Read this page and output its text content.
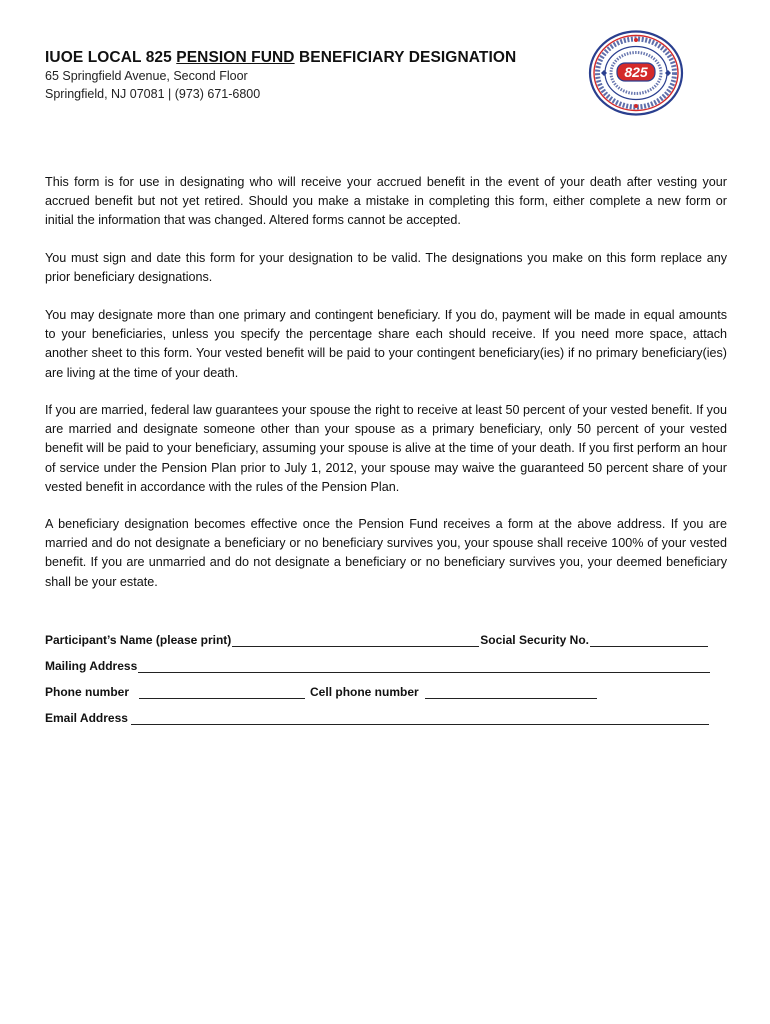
IUOE LOCAL 825 PENSION FUND BENEFICIARY DESIGNATION
65 Springfield Avenue, Second Floor
Springfield, NJ 07081 | (973) 671-6800
825
This form is for use in designating who will receive your accrued benefit in the event of your death after vesting your accrued benefit but not yet retired. Should you make a mistake in completing this form, either complete a new form or initial the information that was changed. Altered forms cannot be accepted.
You must sign and date this form for your designation to be valid. The designations you make on this form replace any prior beneficiary designations.
You may designate more than one primary and contingent beneficiary. If you do, payment will be made in equal amounts to your beneficiaries, unless you specify the percentage share each should receive. If you need more space, attach another sheet to this form. Your vested benefit will be paid to your contingent beneficiary(ies) if no primary beneficiary(ies) are living at the time of your death.
If you are married, federal law guarantees your spouse the right to receive at least 50 percent of your vested benefit. If you are married and designate someone other than your spouse as a primary beneficiary, only 50 percent of your vested benefit will be paid to your beneficiary, assuming your spouse is alive at the time of your death. If you first perform an hour of service under the Pension Plan prior to July 1, 2012, your spouse may waive the guaranteed 50 percent share of your vested benefit in accordance with the rules of the Pension Plan.
A beneficiary designation becomes effective once the Pension Fund receives a form at the above address. If you are married and do not designate a beneficiary or no beneficiary survives you, your spouse shall receive 100% of your vested benefit. If you are unmarried and do not designate a beneficiary or no beneficiary survives you, your deemed beneficiary shall be your estate.
Participant’s Name (please print)	Social Security No.
Mailing Address
Phone number	Cell phone number
Email Address
